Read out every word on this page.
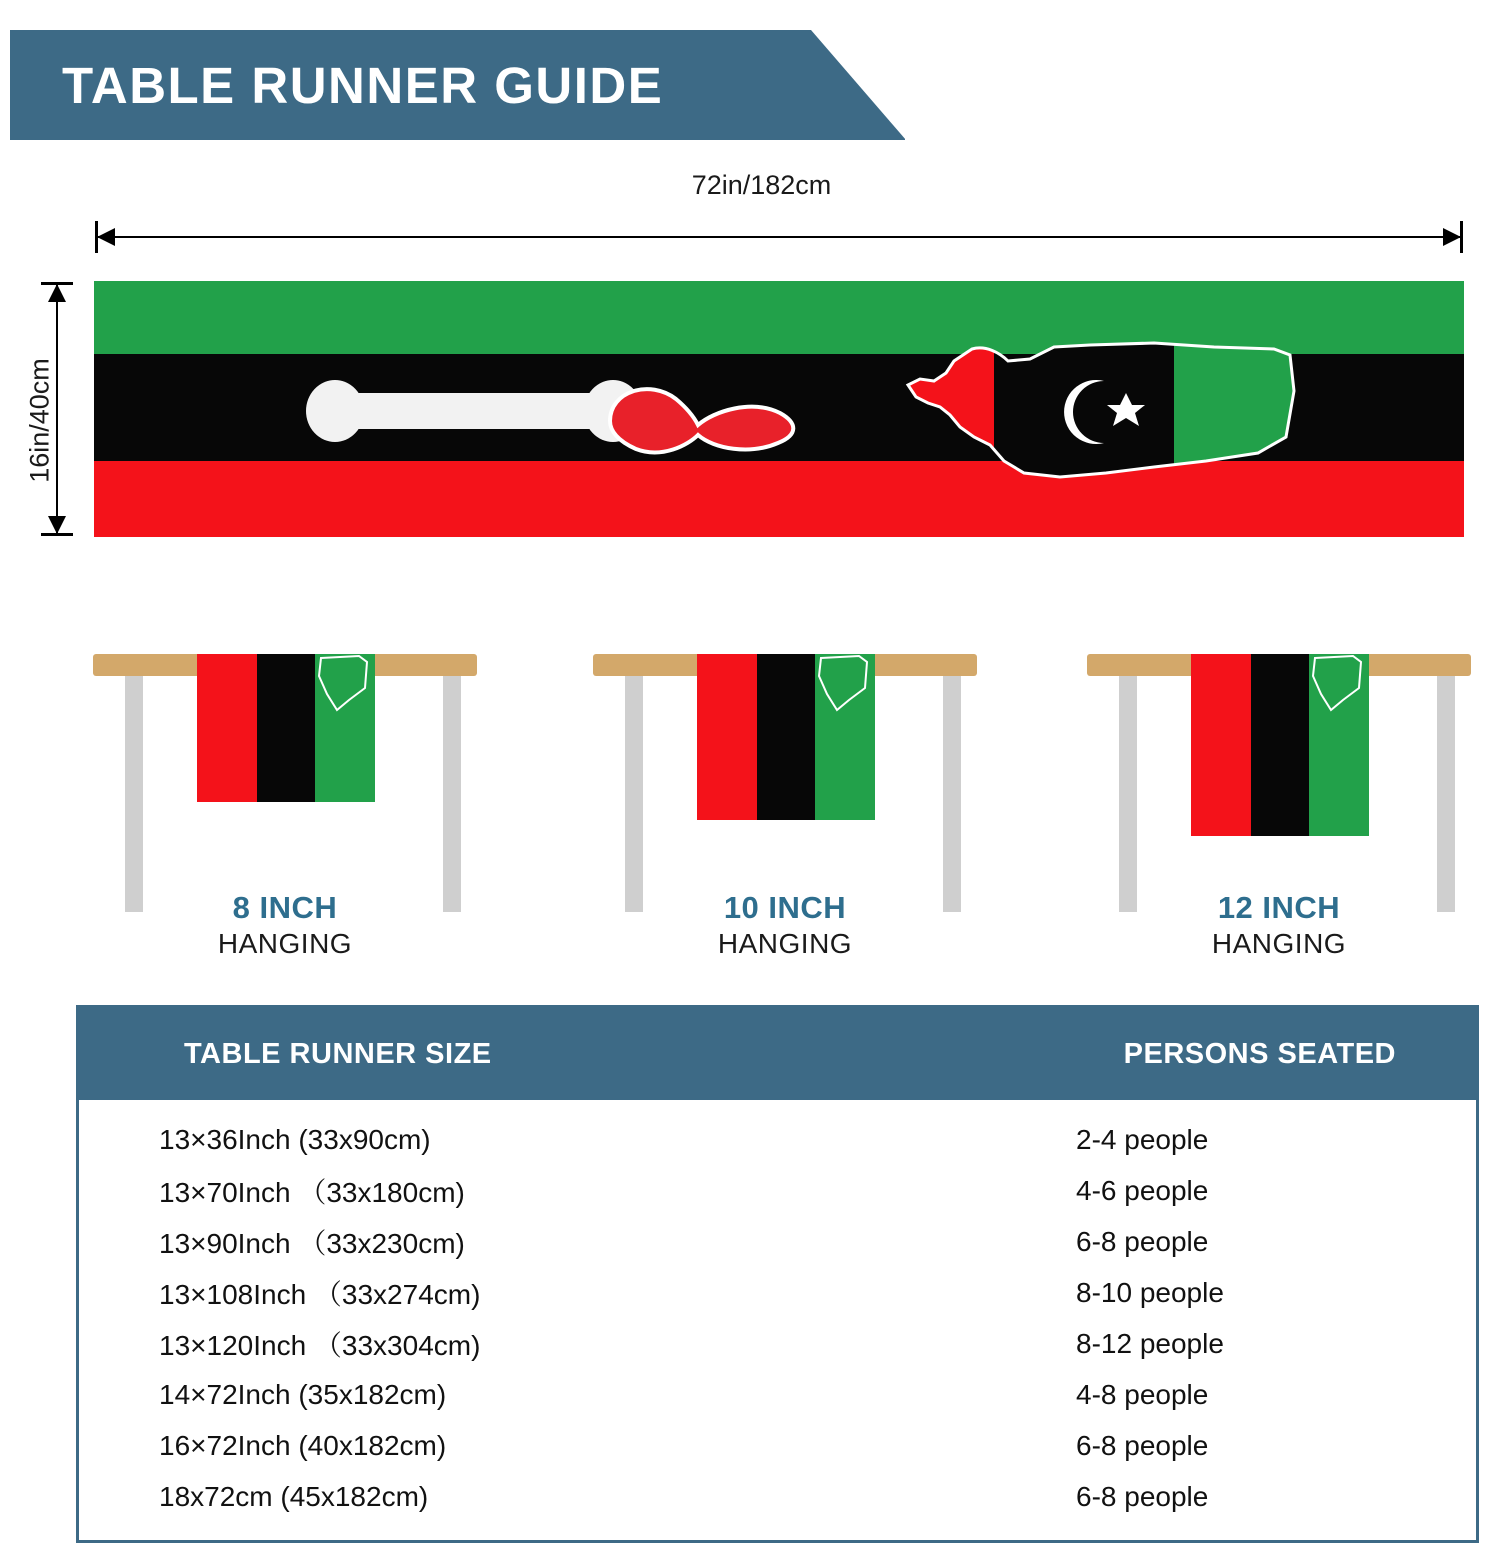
TABLE RUNNER GUIDE
72in/182cm
16in/40cm
8 INCH
HANGING
10 INCH
HANGING
12 INCH
HANGING
TABLE RUNNER SIZE	PERSONS SEATED
13×36Inch (33x90cm)	2-4 people
13×70Inch （33x180cm)	4-6 people
13×90Inch （33x230cm)	6-8 people
13×108Inch （33x274cm)	8-10 people
13×120Inch （33x304cm)	8-12 people
14×72Inch (35x182cm)	4-8 people
16×72Inch (40x182cm)	6-8 people
18x72cm (45x182cm)	6-8 people
